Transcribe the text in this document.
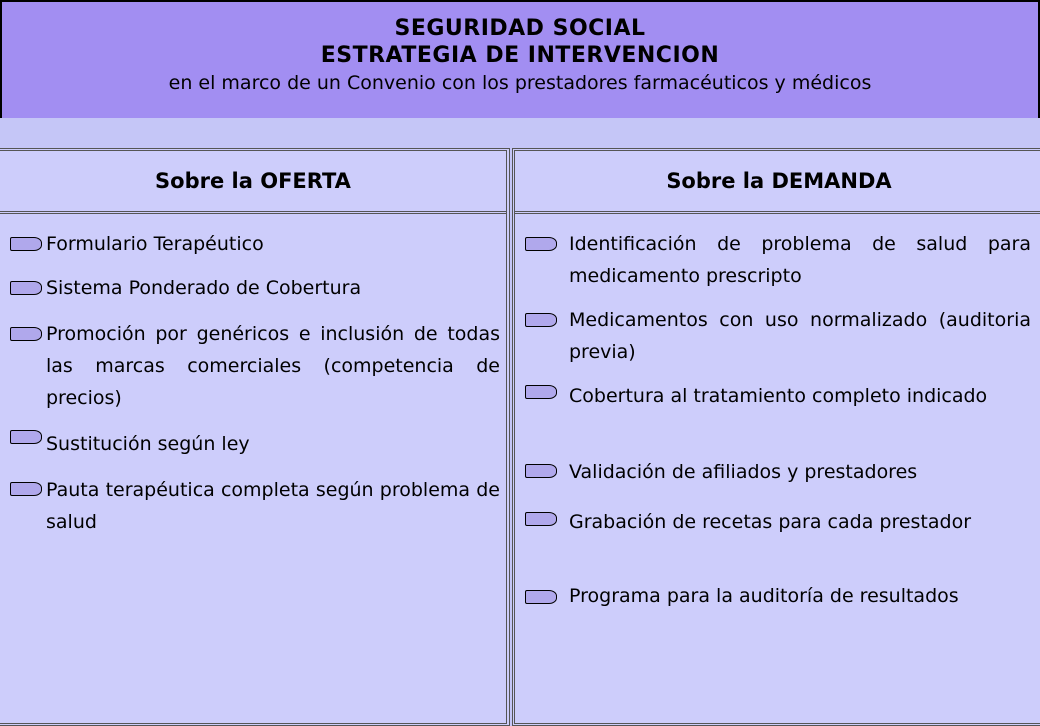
SEGURIDAD SOCIAL
ESTRATEGIA DE INTERVENCION
en el marco de un Convenio con los prestadores farmacéuticos y médicos
Sobre la OFERTA
Formulario Terapéutico
Sistema Ponderado de Cobertura
Promoción por genéricos e inclusión de todas las marcas comerciales (competencia de precios)
Sustitución según ley
Pauta terapéutica completa según problema de salud
Sobre la DEMANDA
Identificación de problema de salud para medicamento prescripto
Medicamentos con uso normalizado (auditoria previa)
Cobertura al tratamiento completo indicado
Validación de afiliados y prestadores
Grabación de recetas para cada prestador
Programa para la auditoría de resultados
